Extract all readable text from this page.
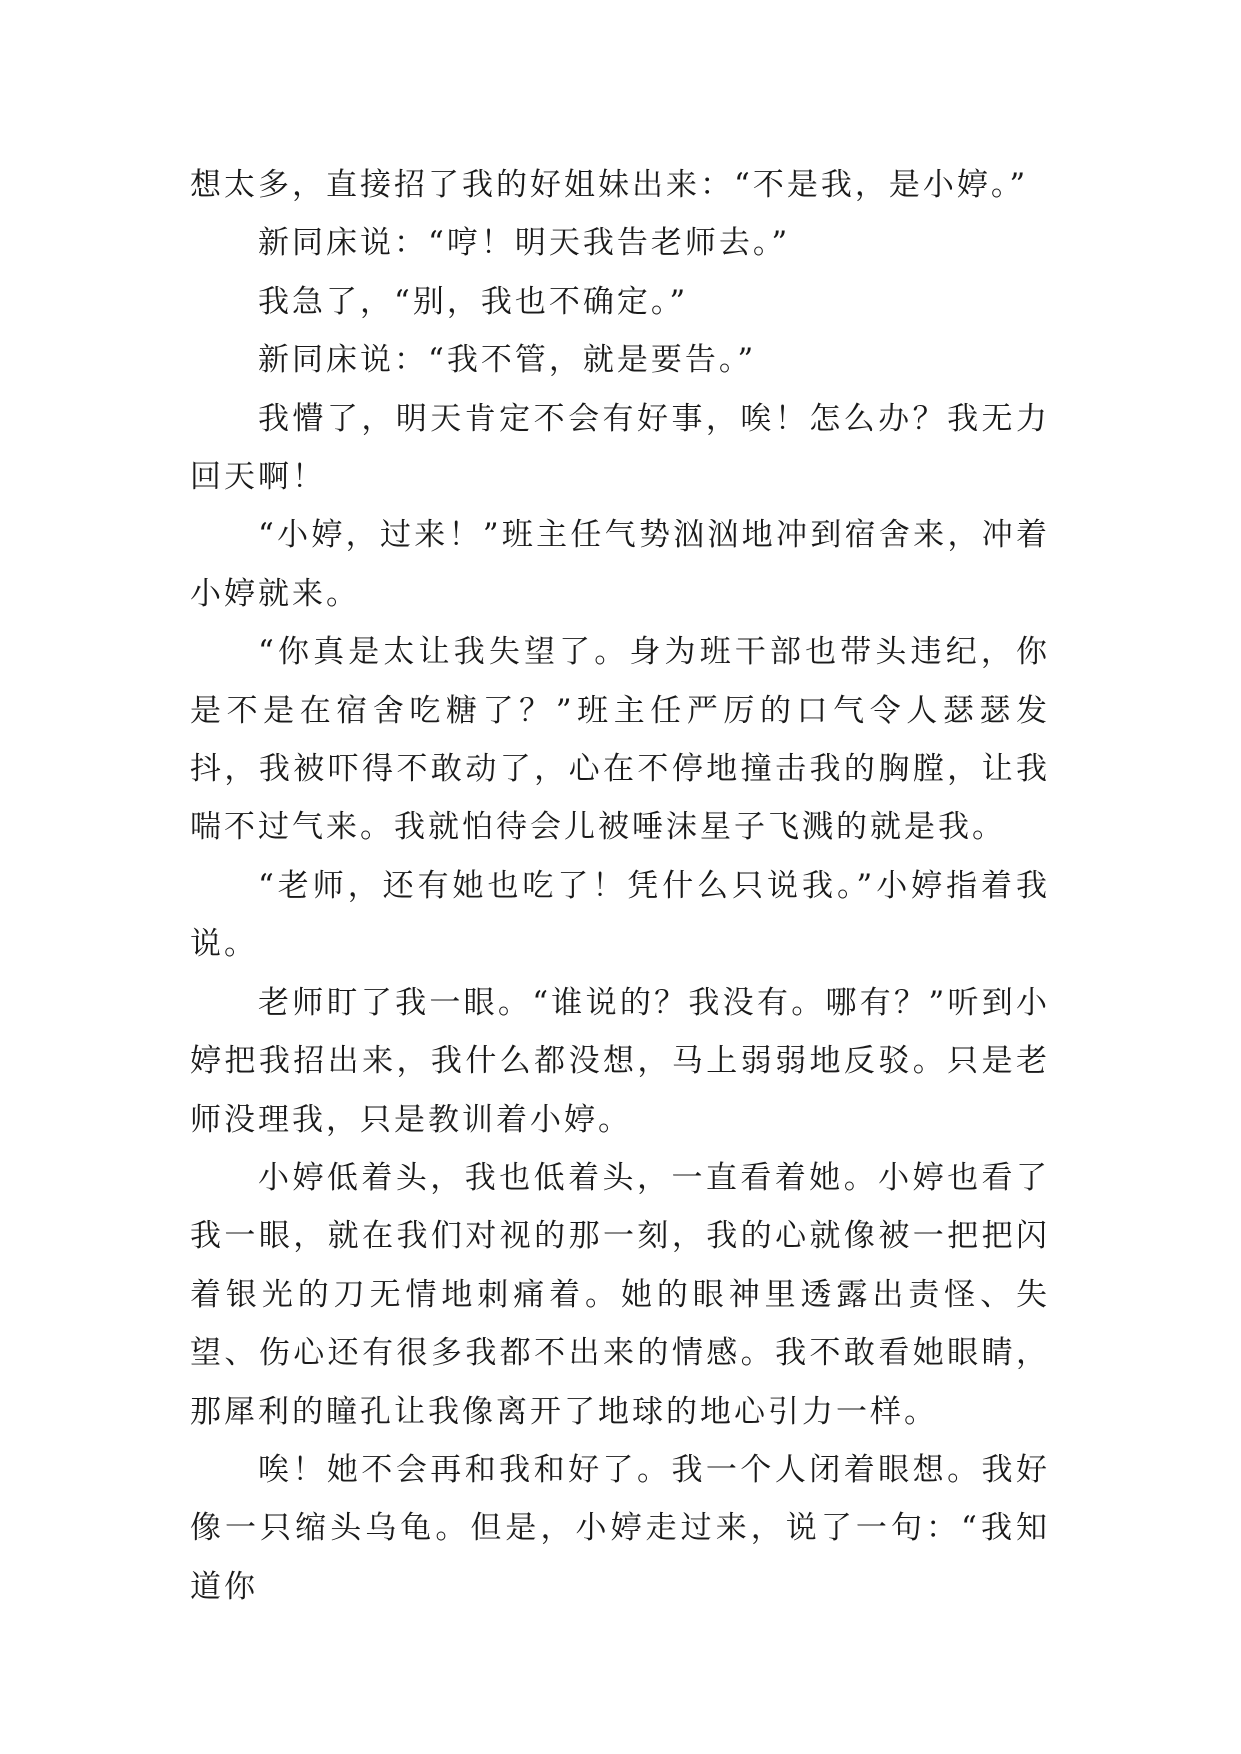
想太多，直接招了我的好姐妹出来：“不是我，是小婷。”

新同床说：“哼！明天我告老师去。”

我急了，“别，我也不确定。”

新同床说：“我不管，就是要告。”

我懵了，明天肯定不会有好事，唉！怎么办？我无力回天啊！

“小婷，过来！”班主任气势汹汹地冲到宿舍来，冲着小婷就来。

“你真是太让我失望了。身为班干部也带头违纪，你是不是在宿舍吃糖了？”班主任严厉的口气令人瑟瑟发抖，我被吓得不敢动了，心在不停地撞击我的胸膛，让我喘不过气来。我就怕待会儿被唾沫星子飞溅的就是我。

“老师，还有她也吃了！凭什么只说我。”小婷指着我说。

老师盯了我一眼。“谁说的？我没有。哪有？”听到小婷把我招出来，我什么都没想，马上弱弱地反驳。只是老师没理我，只是教训着小婷。

小婷低着头，我也低着头，一直看着她。小婷也看了我一眼，就在我们对视的那一刻，我的心就像被一把把闪着银光的刀无情地刺痛着。她的眼神里透露出责怪、失望、伤心还有很多我都不出来的情感。我不敢看她眼睛，那犀利的瞳孔让我像离开了地球的地心引力一样。

唉！她不会再和我和好了。我一个人闭着眼想。我好像一只缩头乌龟。但是，小婷走过来，说了一句：“我知道你
